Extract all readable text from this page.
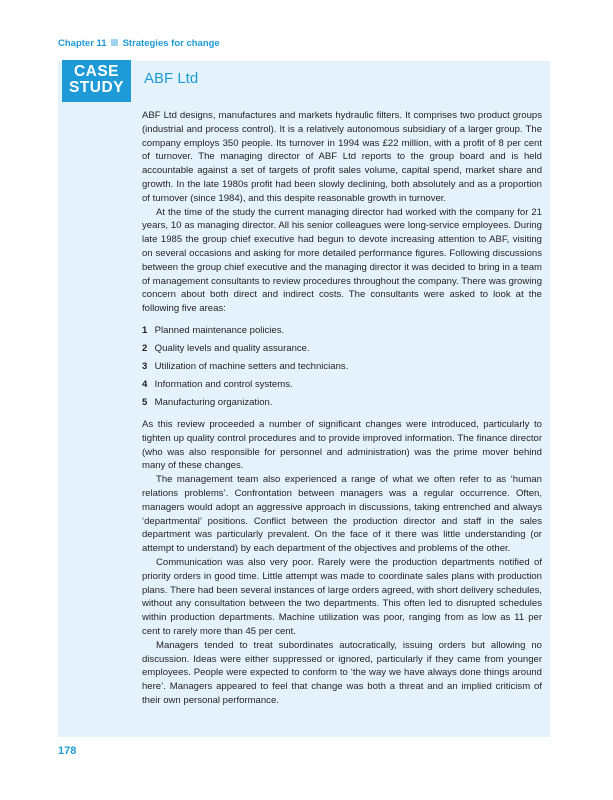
Chapter 11 Strategies for change
CASE
STUDY
ABF Ltd

ABF Ltd designs, manufactures and markets hydraulic filters. It comprises two product groups (industrial and process control). It is a relatively autonomous subsidiary of a larger group. The company employs 350 people. Its turnover in 1994 was £22 million, with a profit of 8 per cent of turnover. The managing director of ABF Ltd reports to the group board and is held accountable against a set of targets of profit sales volume, capital spend, market share and growth. In the late 1980s profit had been slowly declining, both absolutely and as a proportion of turnover (since 1984), and this despite reasonable growth in turnover.

At the time of the study the current managing director had worked with the company for 21 years, 10 as managing director. All his senior colleagues were long-service employees. During late 1985 the group chief executive had begun to devote increasing attention to ABF, visiting on several occasions and asking for more detailed performance figures. Following discussions between the group chief executive and the managing director it was decided to bring in a team of management consultants to review procedures throughout the company. There was growing concern about both direct and indirect costs. The consultants were asked to look at the following five areas:

1 Planned maintenance policies.
2 Quality levels and quality assurance.
3 Utilization of machine setters and technicians.
4 Information and control systems.
5 Manufacturing organization.

As this review proceeded a number of significant changes were introduced, particularly to tighten up quality control procedures and to provide improved information. The finance director (who was also responsible for personnel and administration) was the prime mover behind many of these changes.

The management team also experienced a range of what we often refer to as ‘human relations problems’. Confrontation between managers was a regular occurrence. Often, managers would adopt an aggressive approach in discussions, taking entrenched and always ‘departmental’ positions. Conflict between the production director and staff in the sales department was particularly prevalent. On the face of it there was little understanding (or attempt to understand) by each department of the objectives and problems of the other.

Communication was also very poor. Rarely were the production departments notified of priority orders in good time. Little attempt was made to coordinate sales plans with production plans. There had been several instances of large orders agreed, with short delivery schedules, without any consultation between the two departments. This often led to disrupted schedules within production departments. Machine utilization was poor, ranging from as low as 11 per cent to rarely more than 45 per cent.

Managers tended to treat subordinates autocratically, issuing orders but allowing no discussion. Ideas were either suppressed or ignored, particularly if they came from younger employees. People were expected to conform to ‘the way we have always done things around here’. Managers appeared to feel that change was both a threat and an implied criticism of their own personal performance.

178
